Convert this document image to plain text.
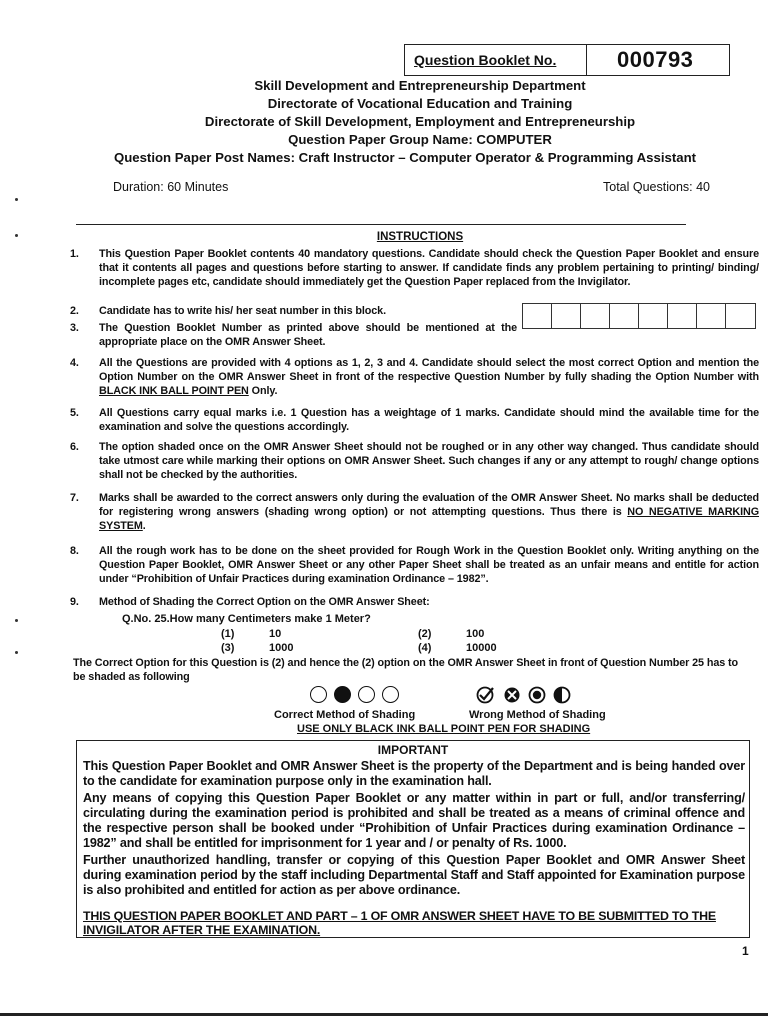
Question Booklet No.	000793
Skill Development and Entrepreneurship Department
Directorate of Vocational Education and Training
Directorate of Skill Development, Employment and Entrepreneurship
Question Paper Group Name: COMPUTER
Question Paper Post Names: Craft Instructor – Computer Operator & Programming Assistant
Duration: 60 Minutes	Total Questions: 40
INSTRUCTIONS
1. This Question Paper Booklet contents 40 mandatory questions. Candidate should check the Question Paper Booklet and ensure that it contents all pages and questions before starting to answer. If candidate finds any problem pertaining to printing/ binding/ incomplete pages etc, candidate should immediately get the Question Paper replaced from the Invigilator.
2. Candidate has to write his/ her seat number in this block.
3. The Question Booklet Number as printed above should be mentioned at the appropriate place on the OMR Answer Sheet.
4. All the Questions are provided with 4 options as 1, 2, 3 and 4. Candidate should select the most correct Option and mention the Option Number on the OMR Answer Sheet in front of the respective Question Number by fully shading the Option Number with BLACK INK BALL POINT PEN Only.
5. All Questions carry equal marks i.e. 1 Question has a weightage of 1 marks. Candidate should mind the available time for the examination and solve the questions accordingly.
6. The option shaded once on the OMR Answer Sheet should not be roughed or in any other way changed. Thus candidate should take utmost care while marking their options on OMR Answer Sheet. Such changes if any or any attempt to rough/ change options shall not be checked by the authorities.
7. Marks shall be awarded to the correct answers only during the evaluation of the OMR Answer Sheet. No marks shall be deducted for registering wrong answers (shading wrong option) or not attempting questions. Thus there is NO NEGATIVE MARKING SYSTEM.
8. All the rough work has to be done on the sheet provided for Rough Work in the Question Booklet only. Writing anything on the Question Paper Booklet, OMR Answer Sheet or any other Paper Sheet shall be treated as an unfair means and entitle for action under “Prohibition of Unfair Practices during examination Ordinance – 1982”.
9. Method of Shading the Correct Option on the OMR Answer Sheet:
Q.No. 25.How many Centimeters make 1 Meter?
(1)	10	(2)	100
(3)	1000	(4)	10000
The Correct Option for this Question is (2) and hence the (2) option on the OMR Answer Sheet in front of Question Number 25 has to be shaded as following
Correct Method of Shading	Wrong Method of Shading
USE ONLY BLACK INK BALL POINT PEN FOR SHADING
IMPORTANT
This Question Paper Booklet and OMR Answer Sheet is the property of the Department and is being handed over to the candidate for examination purpose only in the examination hall.
Any means of copying this Question Paper Booklet or any matter within in part or full, and/or transferring/ circulating during the examination period is prohibited and shall be treated as a means of criminal offence and the respective person shall be booked under “Prohibition of Unfair Practices during examination Ordinance – 1982” and shall be entitled for imprisonment for 1 year and / or penalty of Rs. 1000.
Further unauthorized handling, transfer or copying of this Question Paper Booklet and OMR Answer Sheet during examination period by the staff including Departmental Staff and Staff appointed for Examination purpose is also prohibited and entitled for action as per above ordinance.
THIS QUESTION PAPER BOOKLET AND PART – 1 OF OMR ANSWER SHEET HAVE TO BE SUBMITTED TO THE INVIGILATOR AFTER THE EXAMINATION.
1
